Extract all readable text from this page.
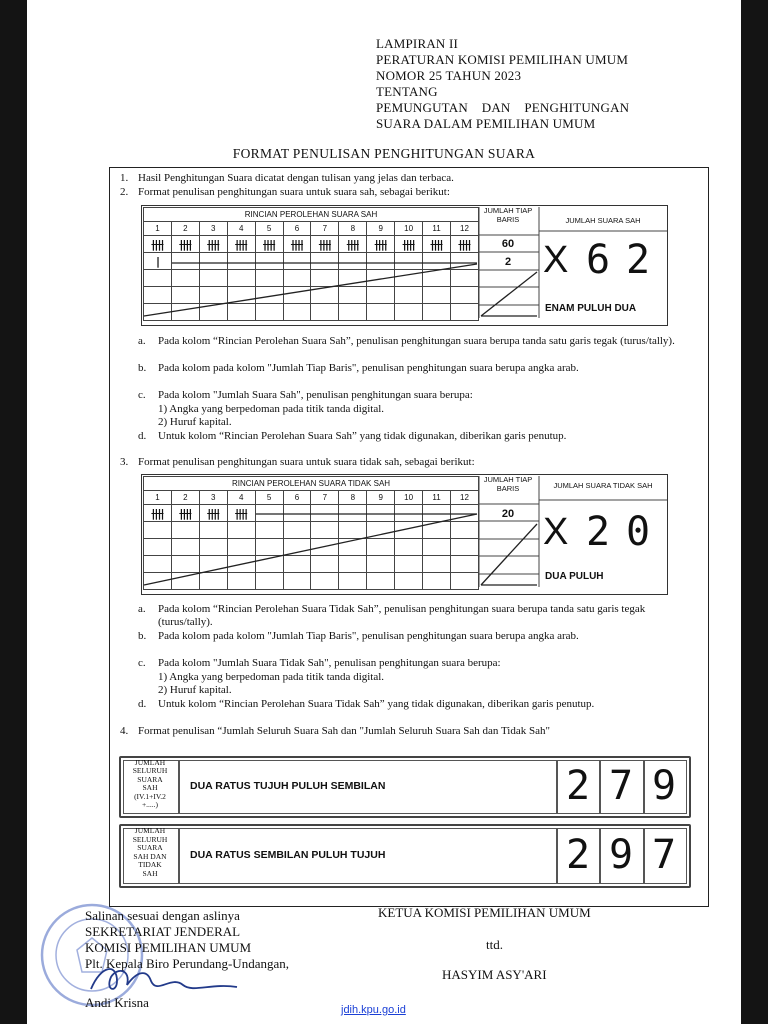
LAMPIRAN II
PERATURAN KOMISI PEMILIHAN UMUM
NOMOR 25 TAHUN 2023
TENTANG
PEMUNGUTAN    DAN    PENGHITUNGAN
SUARA DALAM PEMILIHAN UMUM
FORMAT PENULISAN PENGHITUNGAN SUARA
1. Hasil Penghitungan Suara dicatat dengan tulisan yang jelas dan terbaca.
2. Format penulisan penghitungan suara untuk suara sah, sebagai berikut:
RINCIAN PEROLEHAN SUARA SAH											
1	2	3	4	5	6	7	8	9	10	11	12
||||	||||	||||	||||	||||	||||	||||	||||	||||	||||	||||	||||
|											

JUMLAH TIAP BARIS
60
2
JUMLAH SUARA SAH
X 6 2
ENAM PULUH DUA
a. Pada kolom “Rincian Perolehan Suara Sah”, penulisan penghitungan suara berupa tanda satu garis tegak (turus/tally).
b. Pada kolom pada kolom "Jumlah Tiap Baris", penulisan penghitungan suara berupa angka arab.
c. Pada kolom "Jumlah Suara Sah", penulisan penghitungan suara berupa:
1) Angka yang berpedoman pada titik tanda digital.
2) Huruf kapital.
d. Untuk kolom “Rincian Perolehan Suara Sah” yang tidak digunakan, diberikan garis penutup.
3. Format penulisan penghitungan suara untuk suara tidak sah, sebagai berikut:
RINCIAN PEROLEHAN SUARA TIDAK SAH											
1	2	3	4	5	6	7	8	9	10	11	12
||||	||||	||||	||||								

JUMLAH TIAP BARIS
20
JUMLAH SUARA TIDAK SAH
X 2 0
DUA PULUH
a. Pada kolom “Rincian Perolehan Suara Tidak Sah”, penulisan penghitungan suara berupa tanda satu garis tegak (turus/tally).
b. Pada kolom pada kolom "Jumlah Tiap Baris", penulisan penghitungan suara berupa angka arab.
c. Pada kolom "Jumlah Suara Tidak Sah", penulisan penghitungan suara berupa:
1) Angka yang berpedoman pada titik tanda digital.
2) Huruf kapital.
d. Untuk kolom “Rincian Perolehan Suara Tidak Sah” yang tidak digunakan, diberikan garis penutup.
4. Format penulisan “Jumlah Seluruh Suara Sah dan "Jumlah Seluruh Suara Sah dan Tidak Sah"
JUMLAH
SELURUH
SUARA
SAH
(IV.1+IV.2
+.....)
DUA RATUS TUJUH PULUH SEMBILAN	2 7 9
JUMLAH
SELURUH
SUARA
SAH DAN
TIDAK
SAH
DUA RATUS SEMBILAN PULUH TUJUH	2 9 7
Salinan sesuai dengan aslinya
SEKRETARIAT JENDERAL
KOMISI PEMILIHAN UMUM
Plt. Kepala Biro Perundang-Undangan,
Andi Krisna
KETUA KOMISI PEMILIHAN UMUM
ttd.
HASYIM ASY'ARI
jdih.kpu.go.id
